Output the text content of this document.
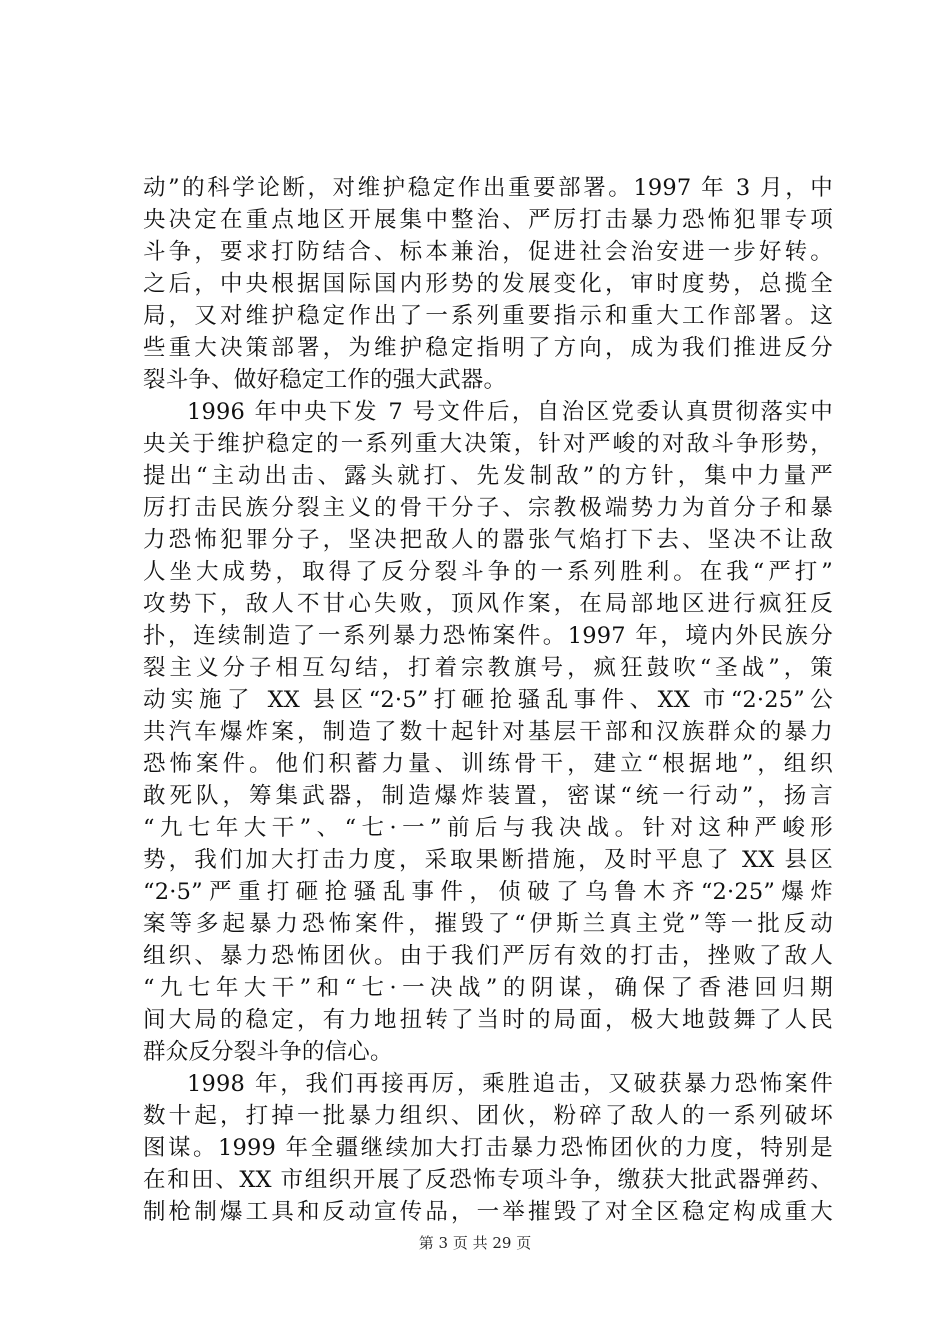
动”的科学论断，对维护稳定作出重要部署。1997 年 3 月，中
央决定在重点地区开展集中整治、严厉打击暴力恐怖犯罪专项
斗争，要求打防结合、标本兼治，促进社会治安进一步好转。
之后，中央根据国际国内形势的发展变化，审时度势，总揽全
局，又对维护稳定作出了一系列重要指示和重大工作部署。这
些重大决策部署，为维护稳定指明了方向，成为我们推进反分
裂斗争、做好稳定工作的强大武器。
1996 年中央下发 7 号文件后，自治区党委认真贯彻落实中
央关于维护稳定的一系列重大决策，针对严峻的对敌斗争形势，
提出“主动出击、露头就打、先发制敌”的方针，集中力量严
厉打击民族分裂主义的骨干分子、宗教极端势力为首分子和暴
力恐怖犯罪分子，坚决把敌人的嚣张气焰打下去、坚决不让敌
人坐大成势，取得了反分裂斗争的一系列胜利。在我“严打”
攻势下，敌人不甘心失败，顶风作案，在局部地区进行疯狂反
扑，连续制造了一系列暴力恐怖案件。1997 年，境内外民族分
裂主义分子相互勾结，打着宗教旗号，疯狂鼓吹“圣战”，策
动实施了 XX 县区“2·5”打砸抢骚乱事件、XX 市“2·25”公
共汽车爆炸案，制造了数十起针对基层干部和汉族群众的暴力
恐怖案件。他们积蓄力量、训练骨干，建立“根据地”，组织
敢死队，筹集武器，制造爆炸装置，密谋“统一行动”，扬言
“九七年大干”、“七·一”前后与我决战。针对这种严峻形
势，我们加大打击力度，采取果断措施，及时平息了 XX 县区
“2·5”严重打砸抢骚乱事件，侦破了乌鲁木齐“2·25”爆炸
案等多起暴力恐怖案件，摧毁了“伊斯兰真主党”等一批反动
组织、暴力恐怖团伙。由于我们严厉有效的打击，挫败了敌人
“九七年大干”和“七·一决战”的阴谋，确保了香港回归期
间大局的稳定，有力地扭转了当时的局面，极大地鼓舞了人民
群众反分裂斗争的信心。
1998 年，我们再接再厉，乘胜追击，又破获暴力恐怖案件
数十起，打掉一批暴力组织、团伙，粉碎了敌人的一系列破坏
图谋。1999 年全疆继续加大打击暴力恐怖团伙的力度，特别是
在和田、XX 市组织开展了反恐怖专项斗争，缴获大批武器弹药、
制枪制爆工具和反动宣传品，一举摧毁了对全区稳定构成重大
第 3 页 共 29 页
